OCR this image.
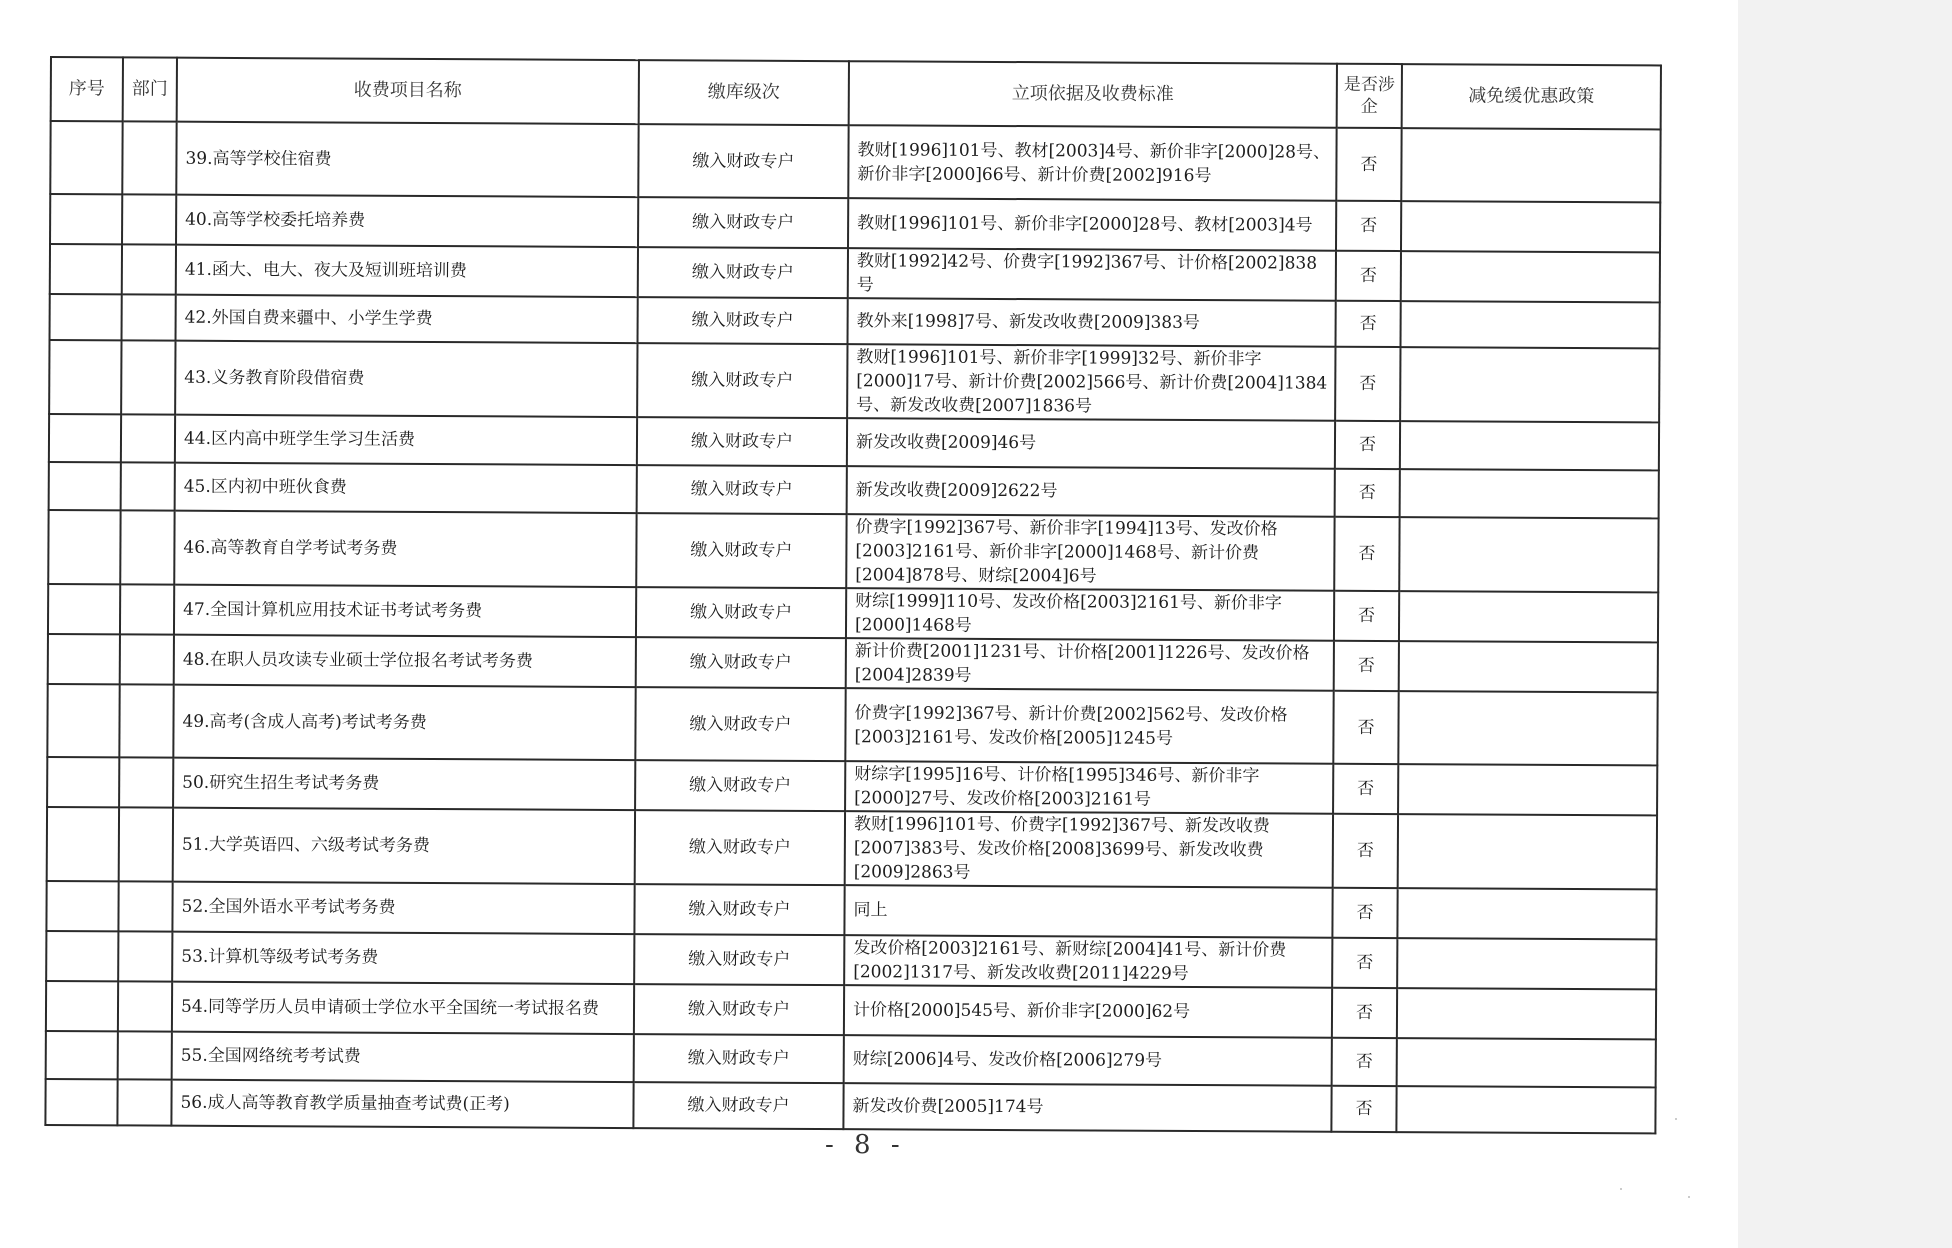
序号	部门	收费项目名称	缴库级次	立项依据及收费标准	是否涉企	减免缓优惠政策
		39.高等学校住宿费	缴入财政专户	教财[1996]101号、教材[2003]4号、新价非字[2000]28号、新价非字[2000]66号、新计价费[2002]916号	否	
		40.高等学校委托培养费	缴入财政专户	教财[1996]101号、新价非字[2000]28号、教材[2003]4号	否	
		41.函大、电大、夜大及短训班培训费	缴入财政专户	教财[1992]42号、价费字[1992]367号、计价格[2002]838号	否	
		42.外国自费来疆中、小学生学费	缴入财政专户	教外来[1998]7号、新发改收费[2009]383号	否	
		43.义务教育阶段借宿费	缴入财政专户	教财[1996]101号、新价非字[1999]32号、新价非字[2000]17号、新计价费[2002]566号、新计价费[2004]1384号、新发改收费[2007]1836号	否	
		44.区内高中班学生学习生活费	缴入财政专户	新发改收费[2009]46号	否	
		45.区内初中班伙食费	缴入财政专户	新发改收费[2009]2622号	否	
		46.高等教育自学考试考务费	缴入财政专户	价费字[1992]367号、新价非字[1994]13号、发改价格[2003]2161号、新价非字[2000]1468号、新计价费[2004]878号、财综[2004]6号	否	
		47.全国计算机应用技术证书考试考务费	缴入财政专户	财综[1999]110号、发改价格[2003]2161号、新价非字[2000]1468号	否	
		48.在职人员攻读专业硕士学位报名考试考务费	缴入财政专户	新计价费[2001]1231号、计价格[2001]1226号、发改价格[2004]2839号	否	
		49.高考(含成人高考)考试考务费	缴入财政专户	价费字[1992]367号、新计价费[2002]562号、发改价格[2003]2161号、发改价格[2005]1245号	否	
		50.研究生招生考试考务费	缴入财政专户	财综字[1995]16号、计价格[1995]346号、新价非字[2000]27号、发改价格[2003]2161号	否	
		51.大学英语四、六级考试考务费	缴入财政专户	教财[1996]101号、价费字[1992]367号、新发改收费[2007]383号、发改价格[2008]3699号、新发改收费[2009]2863号	否	
		52.全国外语水平考试考务费	缴入财政专户	同上	否	
		53.计算机等级考试考务费	缴入财政专户	发改价格[2003]2161号、新财综[2004]41号、新计价费[2002]1317号、新发改收费[2011]4229号	否	
		54.同等学历人员申请硕士学位水平全国统一考试报名费	缴入财政专户	计价格[2000]545号、新价非字[2000]62号	否	
		55.全国网络统考考试费	缴入财政专户	财综[2006]4号、发改价格[2006]279号	否	
		56.成人高等教育教学质量抽查考试费(正考)	缴入财政专户	新发改价费[2005]174号	否	
- 8 -
